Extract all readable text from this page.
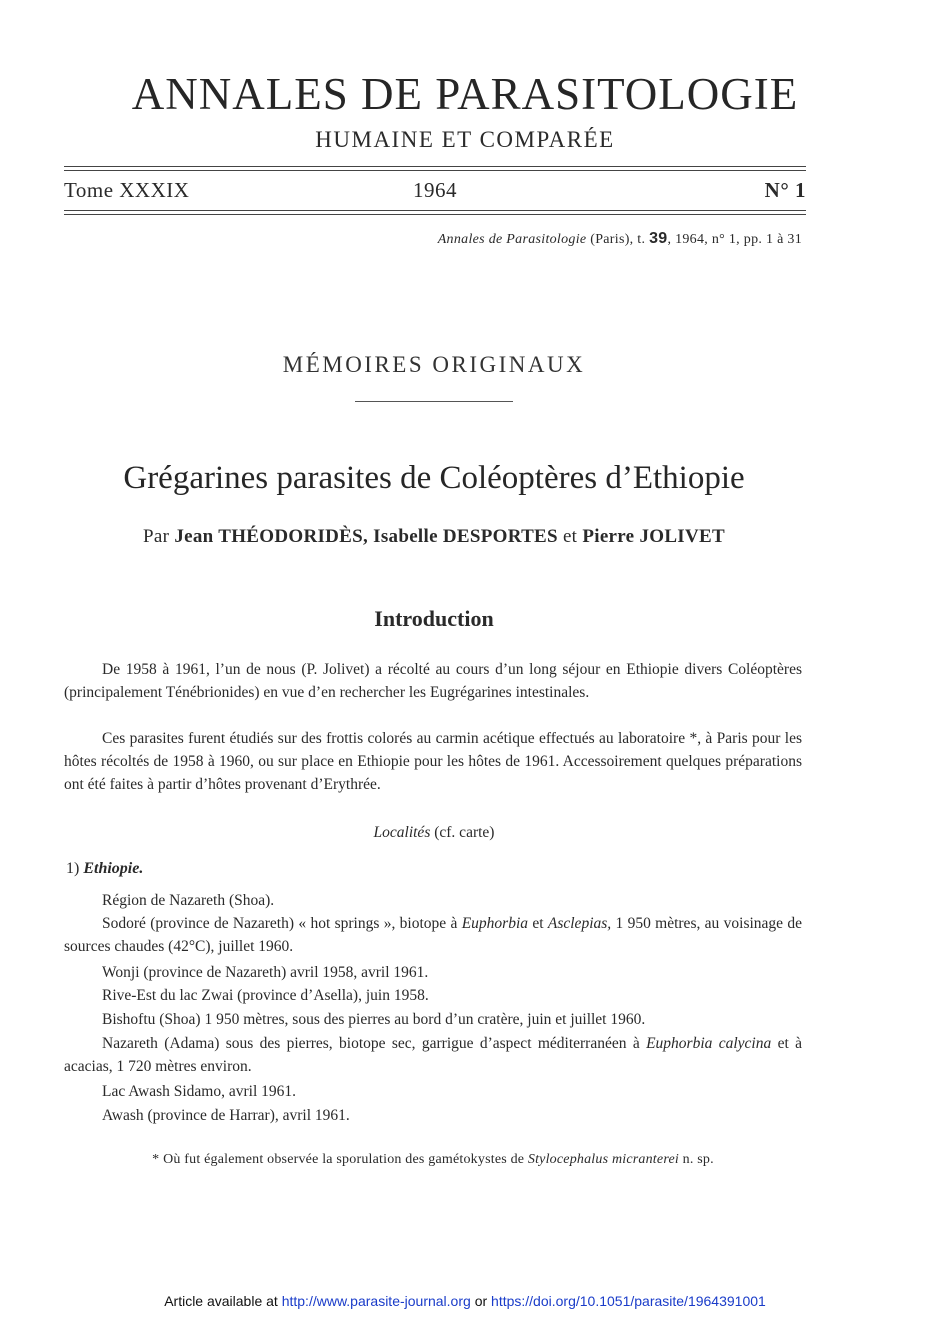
ANNALES DE PARASITOLOGIE
HUMAINE ET COMPARÉE
Tome XXXIX	1964	N° 1
Annales de Parasitologie (Paris), t. 39, 1964, n° 1, pp. 1 à 31
MÉMOIRES ORIGINAUX
Grégarines parasites de Coléoptères d’Ethiopie
Par Jean THÉODORIDÈS, Isabelle DESPORTES et Pierre JOLIVET
Introduction
De 1958 à 1961, l’un de nous (P. Jolivet) a récolté au cours d’un long séjour en Ethiopie divers Coléoptères (principalement Ténébrionides) en vue d’en rechercher les Eugrégarines intestinales.
Ces parasites furent étudiés sur des frottis colorés au carmin acétique effectués au laboratoire *, à Paris pour les hôtes récoltés de 1958 à 1960, ou sur place en Ethiopie pour les hôtes de 1961. Accessoirement quelques préparations ont été faites à partir d’hôtes provenant d’Erythrée.
Localités (cf. carte)
1) Ethiopie.
Région de Nazareth (Shoa).
Sodoré (province de Nazareth) « hot springs », biotope à Euphorbia et Asclepias, 1 950 mètres, au voisinage de sources chaudes (42°C), juillet 1960.
Wonji (province de Nazareth) avril 1958, avril 1961.
Rive-Est du lac Zwai (province d’Asella), juin 1958.
Bishoftu (Shoa) 1 950 mètres, sous des pierres au bord d’un cratère, juin et juillet 1960.
Nazareth (Adama) sous des pierres, biotope sec, garrigue d’aspect méditerranéen à Euphorbia calycina et à acacias, 1 720 mètres environ.
Lac Awash Sidamo, avril 1961.
Awash (province de Harrar), avril 1961.
* Où fut également observée la sporulation des gamétokystes de Stylocephalus micranterei n. sp.
Article available at http://www.parasite-journal.org or https://doi.org/10.1051/parasite/1964391001
